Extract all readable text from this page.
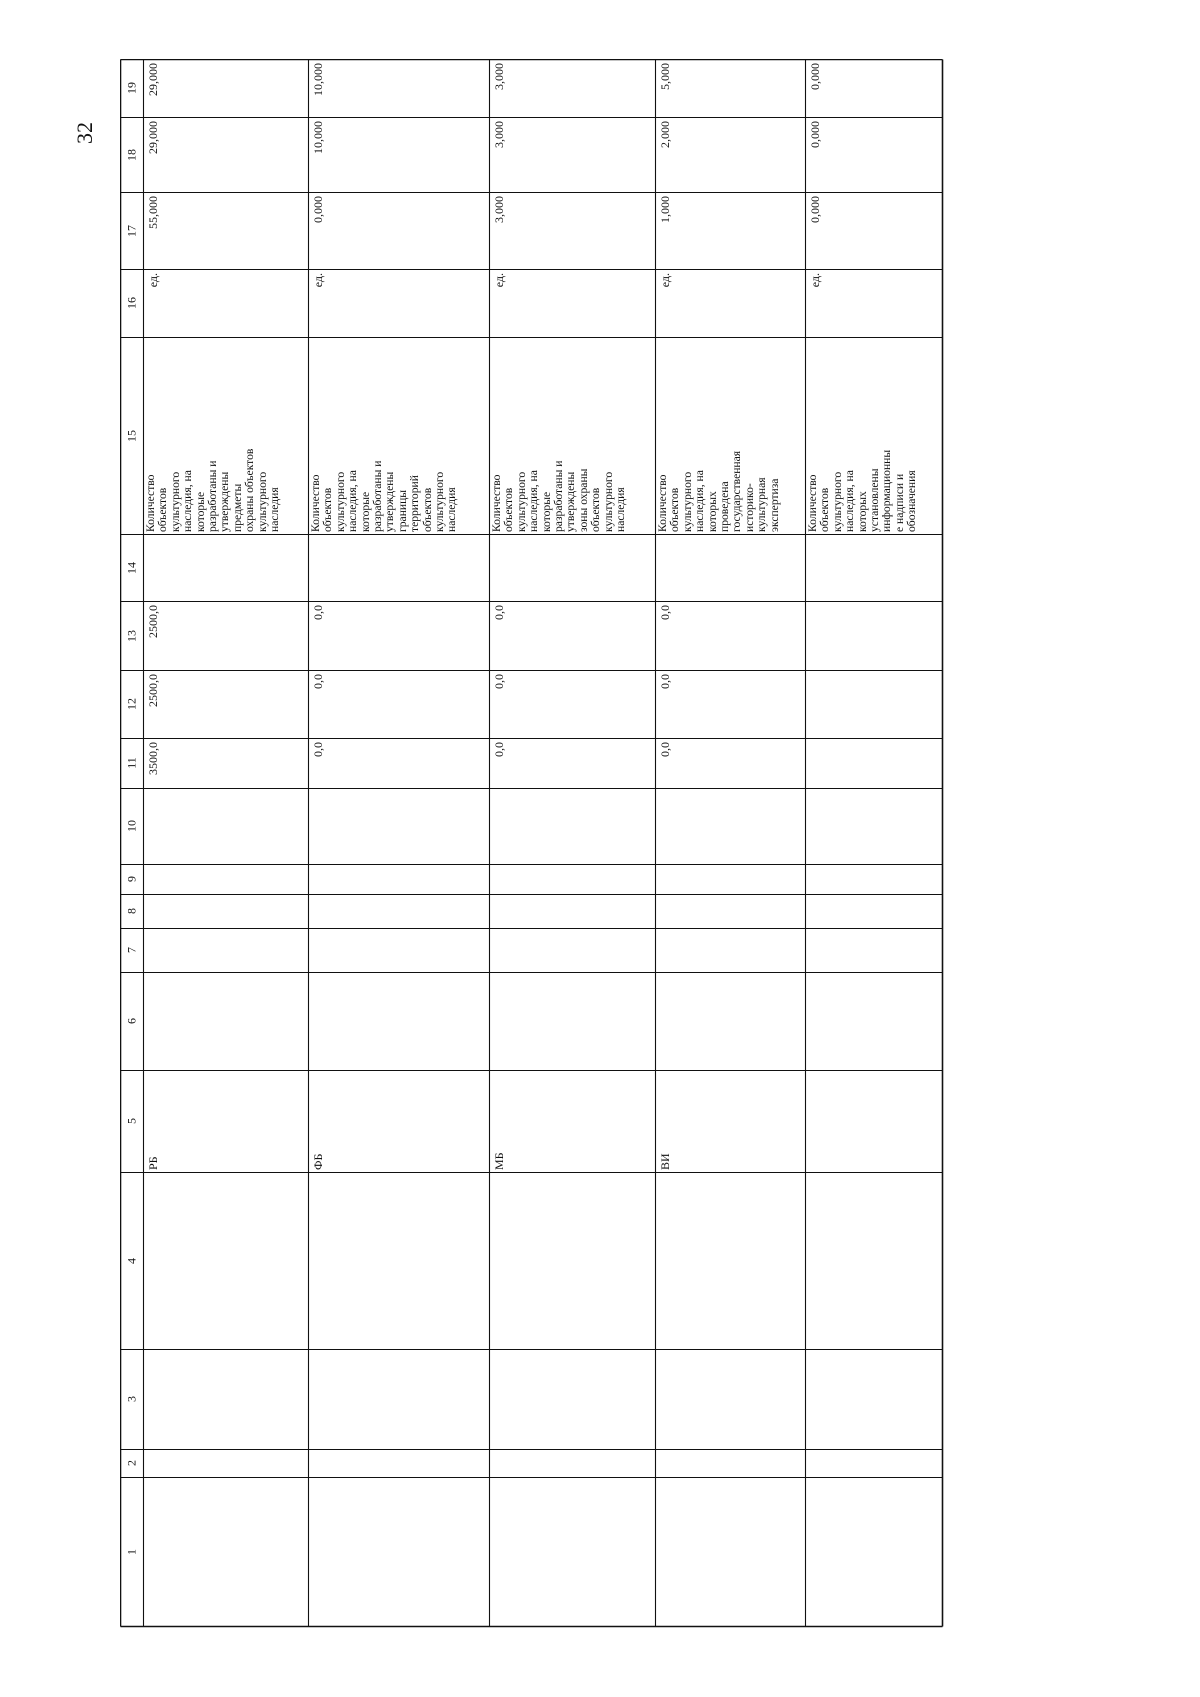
32
1
2
3
4
5
6
7
8
9
10
11
12
13
14
15
16
17
18
19
РБ
3500,0
2500,0
2500,0
ед.
55,000
29,000
29,000
Количество объектов культурного наследия, на которые разработаны и утверждены предметы охраны объектов культурного наследия
ФБ
0,0
0,0
0,0
ед.
0,000
10,000
10,000
Количество объектов культурного наследия, на которые разработаны и утверждены границы территорий объектов культурного наследия
МБ
0,0
0,0
0,0
ед.
3,000
3,000
3,000
Количество объектов культурного наследия, на которые разработаны и утверждены зоны охраны объектов культурного наследия
ВИ
0,0
0,0
0,0
ед.
1,000
2,000
5,000
Количество объектов культурного наследия, на которых проведена государственная историко- культурная экспертиза
ед.
0,000
0,000
0,000
Количество объектов культурного наследия, на которых установлены информационны е надписи и обозначения
